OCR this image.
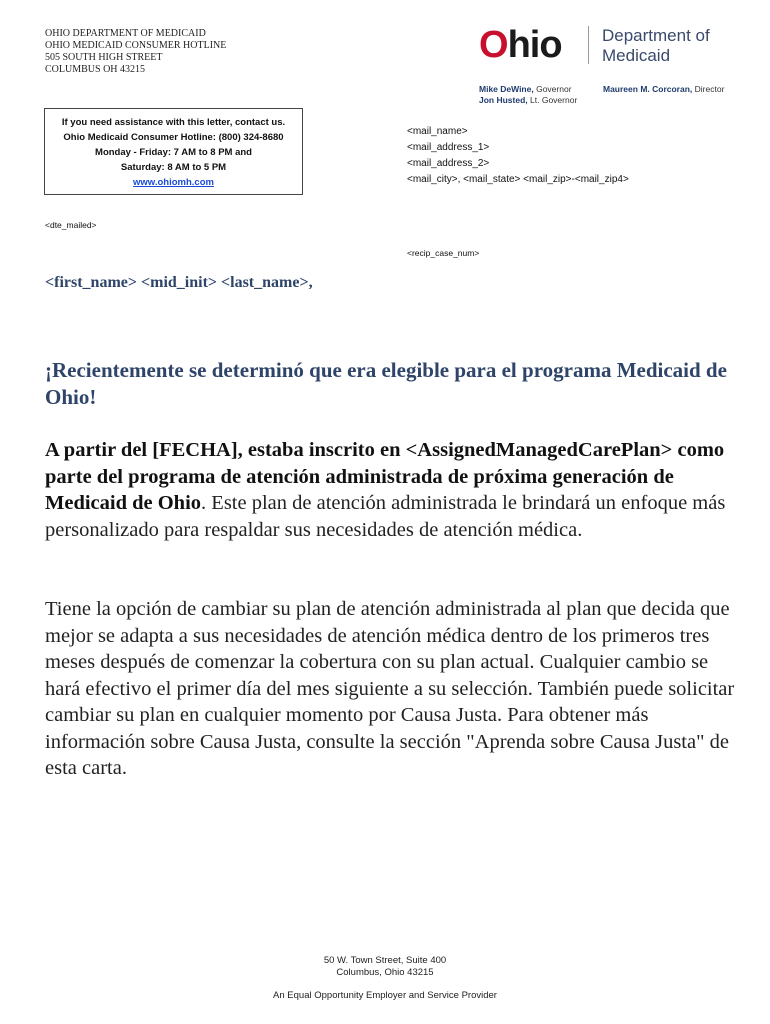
OHIO DEPARTMENT OF MEDICAID
OHIO MEDICAID CONSUMER HOTLINE
505 SOUTH HIGH STREET
COLUMBUS OH 43215
Ohio Department of
Medicaid
Mike DeWine, Governor
Jon Husted, Lt. Governor
Maureen M. Corcoran, Director
If you need assistance with this letter, contact us.
Ohio Medicaid Consumer Hotline: (800) 324-8680
Monday - Friday: 7 AM to 8 PM and
Saturday: 8 AM to 5 PM
www.ohiomh.com
<mail_name>
<mail_address_1>
<mail_address_2>
<mail_city>, <mail_state> <mail_zip>-<mail_zip4>
<dte_mailed>
<recip_case_num>
<first_name> <mid_init> <last_name>,
¡Recientemente se determinó que era elegible para el programa Medicaid de Ohio!
A partir del [FECHA], estaba inscrito en <AssignedManagedCarePlan> como parte del programa de atención administrada de próxima generación de Medicaid de Ohio. Este plan de atención administrada le brindará un enfoque más personalizado para respaldar sus necesidades de atención médica.
Tiene la opción de cambiar su plan de atención administrada al plan que decida que mejor se adapta a sus necesidades de atención médica dentro de los primeros tres meses después de comenzar la cobertura con su plan actual. Cualquier cambio se hará efectivo el primer día del mes siguiente a su selección. También puede solicitar cambiar su plan en cualquier momento por Causa Justa. Para obtener más información sobre Causa Justa, consulte la sección "Aprenda sobre Causa Justa" de esta carta.
50 W. Town Street, Suite 400
Columbus, Ohio 43215
An Equal Opportunity Employer and Service Provider
